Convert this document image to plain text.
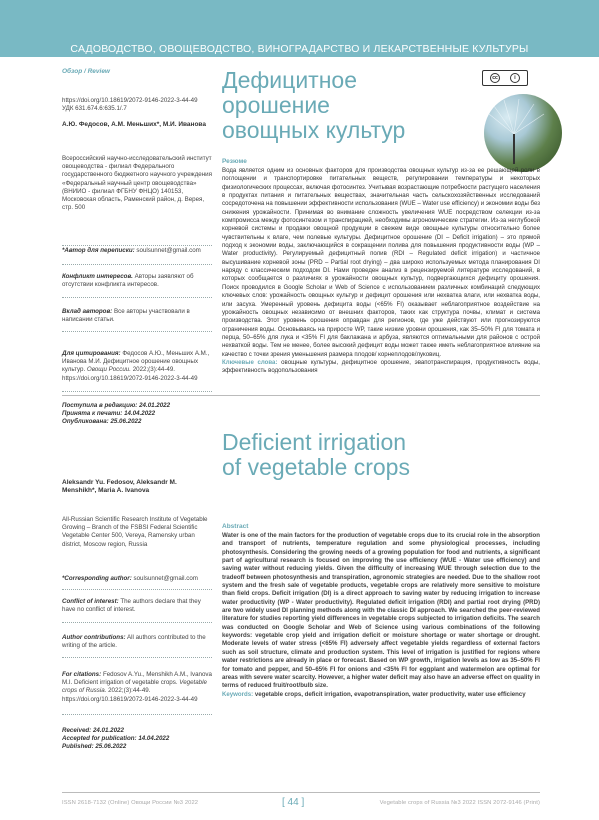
САДОВОДСТВО, ОВОЩЕВОДСТВО, ВИНОГРАДАРСТВО И ЛЕКАРСТВЕННЫЕ КУЛЬТУРЫ
Обзор / Review
https://doi.org/10.18619/2072-9146-2022-3-44-49
УДК 631.674.6:635.1/.7
А.Ю. Федосов, А.М. Меньших*, М.И. Иванова
Всероссийский научно-исследовательский институт овощеводства - филиал Федерального государственного бюджетного научного учреждения «Федеральный научный центр овощеводства» (ВНИИО - филиал ФГБНУ ФНЦО) 140153, Московская область, Раменский район, д. Верея, стр. 500
*Автор для переписки: soulsunnet@gmail.com
Конфликт интересов. Авторы заявляют об отсутствии конфликта интересов.
Вклад авторов: Все авторы участвовали в написании статьи.
Для цитирования: Федосов А.Ю., Меньших А.М., Иванова М.И. Дефицитное орошение овощных культур. Овощи России. 2022;(3):44-49. https://doi.org/10.18619/2072-9146-2022-3-44-49
Поступила в редакцию: 24.01.2022
Принята к печати: 14.04.2022
Опубликована: 25.06.2022
Aleksandr Yu. Fedosov, Aleksandr M. Menshikh*, Maria A. Ivanova
All-Russian Scientific Research Institute of Vegetable Growing – Branch of the FSBSI Federal Scientific Vegetable Center 500, Vereya, Ramensky urban district, Moscow region, Russia
*Corresponding author: soulsunnet@gmail.com
Conflict of interest: The authors declare that they have no conflict of interest.
Author contributions: All authors contributed to the writing of the article.
For citations: Fedosov A.Yu., Menshikh A.M., Ivanova M.I. Deficient irrigation of vegetable crops. Vegetable crops of Russia. 2022;(3):44-49. https://doi.org/10.18619/2072-9146-2022-3-44-49
Received: 24.01.2022
Accepted for publication: 14.04.2022
Published: 25.06.2022
Дефицитное
орошение
овощных культур
cc	i
Резюме
Вода является одним из основных факторов для производства овощных культур из-за ее решающей роли в поглощении и транспортировке питательных веществ, регулировании температуры и некоторых физиологических процессах, включая фотосинтез. Учитывая возрастающие потребности растущего населения в продуктах питания и питательных веществах, значительная часть сельскохозяйственных исследований сосредоточена на повышении эффективности использования (WUE – Water use efficiency) и экономии воды без снижения урожайности. Принимая во внимание сложность увеличения WUE посредством селекции из-за компромисса между фотосинтезом и транспирацией, необходимы агрономические стратегии. Из-за неглубокой корневой системы и продажи овощной продукции в свежем виде овощные культуры относительно более чувствительны к влаге, чем полевые культуры. Дефицитное орошение (DI – Deficit irrigation) – это прямой подход к экономии воды, заключающийся в сокращении полива для повышения продуктивности воды (WP – Water productivity). Регулируемый дефицитный полив (RDI – Regulated deficit irrigation) и частичное высушивание корневой зоны (PRD – Partial root drying) – два широко используемых метода планирования DI наряду с классическим подходом DI. Нами проведен анализ в рецензируемой литературе исследований, в которых сообщается о различиях в урожайности овощных культур, подвергающихся дефициту орошения. Поиск проводился в Google Scholar и Web of Science с использованием различных комбинаций следующих ключевых слов: урожайность овощных культур и дефицит орошения или нехватка влаги, или нехватка воды, или засуха. Умеренный уровень дефицита воды (<65% FI) оказывает неблагоприятное воздействие на урожайность овощных независимо от внешних факторов, таких как структура почвы, климат и система производства. Этот уровень орошения оправдан для регионов, где уже действуют или прогнозируются ограничения воды. Основываясь на приросте WP, такие низкие уровни орошения, как 35–50% FI для томата и перца, 50–65% для лука и <35% FI для баклажана и арбуза, являются оптимальными для районов с острой нехваткой воды. Тем не менее, более высокий дефицит воды может также иметь неблагоприятное влияние на качество с точки зрения уменьшения размера плодов/ корнеплодов/луковиц.
Ключевые слова: овощные культуры, дефицитное орошение, эвапотранспирация, продуктивность воды, эффективность водопользования
Deficient irrigation
of vegetable crops
Abstract
Water is one of the main factors for the production of vegetable crops due to its crucial role in the absorption and transport of nutrients, temperature regulation and some physiological processes, including photosynthesis. Considering the growing needs of a growing population for food and nutrients, a significant part of agricultural research is focused on improving the use efficiency (WUE - Water use efficiency) and saving water without reducing yields. Given the difficulty of increasing WUE through selection due to the tradeoff between photosynthesis and transpiration, agronomic strategies are needed. Due to the shallow root system and the fresh sale of vegetable products, vegetable crops are relatively more sensitive to moisture than field crops. Deficit irrigation (DI) is a direct approach to saving water by reducing irrigation to increase water productivity (WP - Water productivity). Regulated deficit irrigation (RDI) and partial root drying (PRD) are two widely used DI planning methods along with the classic DI approach. We searched the peer-reviewed literature for studies reporting yield differences in vegetable crops subjected to irrigation deficits. The search was conducted on Google Scholar and Web of Science using various combinations of the following keywords: vegetable crop yield and irrigation deficit or moisture shortage or water shortage or drought. Moderate levels of water stress (<65% FI) adversely affect vegetable yields regardless of external factors such as soil structure, climate and production system. This level of irrigation is justified for regions where water restrictions are already in place or forecast. Based on WP growth, irrigation levels as low as 35–50% FI for tomato and pepper, and 50–65% FI for onions and <35% FI for eggplant and watermelon are optimal for areas with severe water scarcity. However, a higher water deficit may also have an adverse effect on quality in terms of reduced fruit/root/bulb size.
Keywords: vegetable crops, deficit irrigation, evapotranspiration, water productivity, water use efficiency
ISSN 2618-7132 (Online) Овощи России №3 2022	[ 44 ]	Vegetable crops of Russia №3 2022 ISSN 2072-9146 (Print)
